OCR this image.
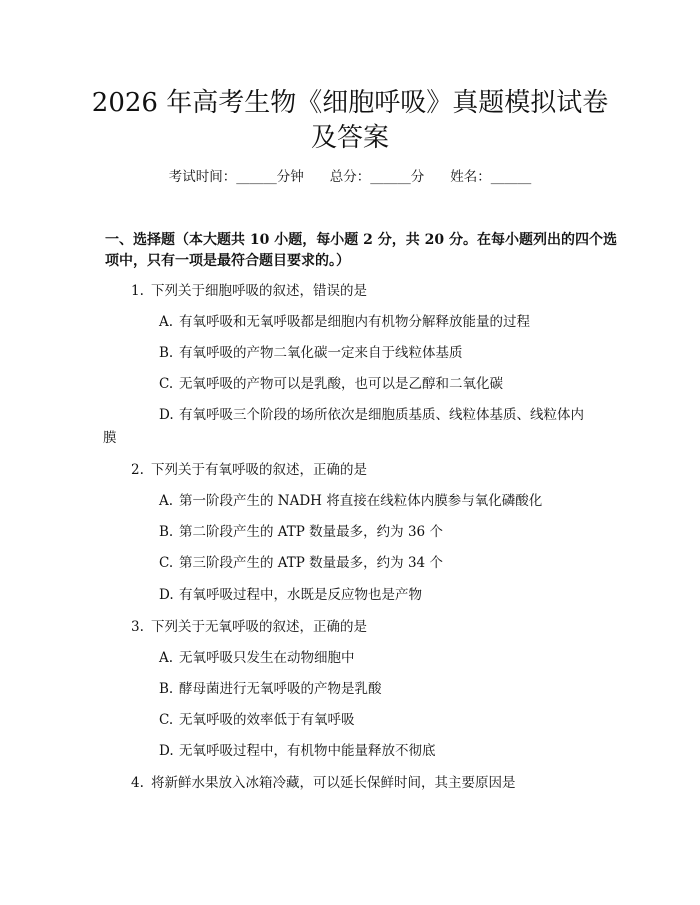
2026 年高考生物《细胞呼吸》真题模拟试卷
及答案
考试时间：______分钟 总分：______分 姓名：______
一、选择题（本大题共 10 小题，每小题 2 分，共 20 分。在每小题列出的四个选
项中，只有一项是最符合题目要求的。）
1. 下列关于细胞呼吸的叙述，错误的是
A. 有氧呼吸和无氧呼吸都是细胞内有机物分解释放能量的过程
B. 有氧呼吸的产物二氧化碳一定来自于线粒体基质
C. 无氧呼吸的产物可以是乳酸，也可以是乙醇和二氧化碳
D. 有氧呼吸三个阶段的场所依次是细胞质基质、线粒体基质、线粒体内
膜
2. 下列关于有氧呼吸的叙述，正确的是
A. 第一阶段产生的 NADH 将直接在线粒体内膜参与氧化磷酸化
B. 第二阶段产生的 ATP 数量最多，约为 36 个
C. 第三阶段产生的 ATP 数量最多，约为 34 个
D. 有氧呼吸过程中，水既是反应物也是产物
3. 下列关于无氧呼吸的叙述，正确的是
A. 无氧呼吸只发生在动物细胞中
B. 酵母菌进行无氧呼吸的产物是乳酸
C. 无氧呼吸的效率低于有氧呼吸
D. 无氧呼吸过程中，有机物中能量释放不彻底
4. 将新鲜水果放入冰箱冷藏，可以延长保鲜时间，其主要原因是
